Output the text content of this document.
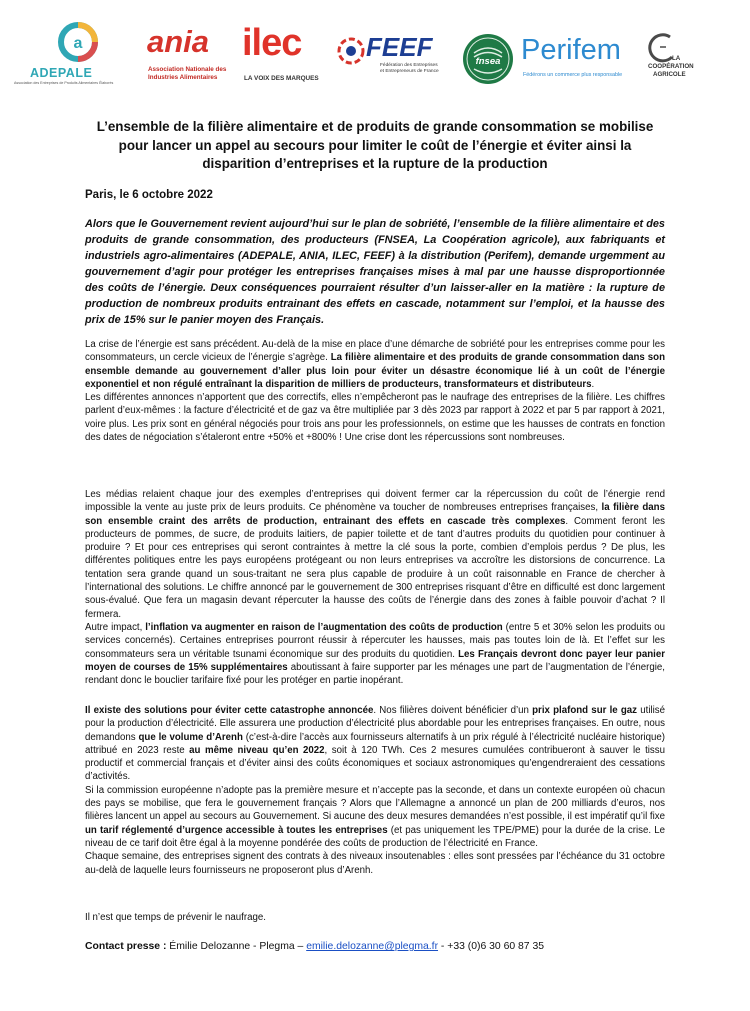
a
ADEPALE
Association des Entreprises de Produits Alimentaires Élaborés
ania
Association Nationale des
Industries Alimentaires
ilec
LA VOIX DES MARQUES
FEEF
Fédération des Entreprises
et Entrepreneurs de France
fnsea Perifem
Fédérons un commerce plus responsable
LA
COOPÉRATION
AGRICOLE
L’ensemble de la filière alimentaire et de produits de grande consommation se mobilise pour lancer un appel au secours pour limiter le coût de l’énergie et éviter ainsi la disparition d’entreprises et la rupture de la production

Paris, le 6 octobre 2022

Alors que le Gouvernement revient aujourd’hui sur le plan de sobriété, l’ensemble de la filière alimentaire et des produits de grande consommation, des producteurs (FNSEA, La Coopération agricole), aux fabriquants et industriels agro-alimentaires (ADEPALE, ANIA, ILEC, FEEF) à la distribution (Perifem), demande urgemment au gouvernement d’agir pour protéger les entreprises françaises mises à mal par une hausse disproportionnée des coûts de l’énergie. Deux conséquences pourraient résulter d’un laisser-aller en la matière : la rupture de production de nombreux produits entrainant des effets en cascade, notamment sur l’emploi, et la hausse des prix de 15% sur le panier moyen des Français.

La crise de l’énergie est sans précédent. Au-delà de la mise en place d’une démarche de sobriété pour les entreprises comme pour les consommateurs, un cercle vicieux de l’énergie s’agrège. La filière alimentaire et des produits de grande consommation dans son ensemble demande au gouvernement d’aller plus loin pour éviter un désastre économique lié à un coût de l’énergie exponentiel et non régulé entraînant la disparition de milliers de producteurs, transformateurs et distributeurs.

Les différentes annonces n’apportent que des correctifs, elles n’empêcheront pas le naufrage des entreprises de la filière. Les chiffres parlent d’eux-mêmes : la facture d’électricité et de gaz va être multipliée par 3 dès 2023 par rapport à 2022 et par 5 par rapport à 2021, voire plus. Les prix sont en général négociés pour trois ans pour les professionnels, on estime que les hausses de contrats en fonction des dates de négociation s’étaleront entre +50% et +800% ! Une crise dont les répercussions sont nombreuses.

Les médias relaient chaque jour des exemples d’entreprises qui doivent fermer car la répercussion du coût de l’énergie rend impossible la vente au juste prix de leurs produits. Ce phénomène va toucher de nombreuses entreprises françaises, la filière dans son ensemble craint des arrêts de production, entrainant des effets en cascade très complexes. Comment feront les producteurs de pommes, de sucre, de produits laitiers, de papier toilette et de tant d’autres produits du quotidien pour continuer à produire ? Et pour ces entreprises qui seront contraintes à mettre la clé sous la porte, combien d’emplois perdus ? De plus, les différentes politiques entre les pays européens protégeant ou non leurs entreprises va accroître les distorsions de concurrence. La tentation sera grande quand un sous-traitant ne sera plus capable de produire à un coût raisonnable en France de chercher à l’international des solutions. Le chiffre annoncé par le gouvernement de 300 entreprises risquant d’être en difficulté est donc largement sous-évalué. Que fera un magasin devant répercuter la hausse des coûts de l’énergie dans des zones à faible pouvoir d’achat ? Il fermera.

Autre impact, l’inflation va augmenter en raison de l’augmentation des coûts de production (entre 5 et 30% selon les produits ou services concernés). Certaines entreprises pourront réussir à répercuter les hausses, mais pas toutes loin de là. Et l’effet sur les consommateurs sera un véritable tsunami économique sur des produits du quotidien. Les Français devront donc payer leur panier moyen de courses de 15% supplémentaires aboutissant à faire supporter par les ménages une part de l’augmentation de l’énergie, rendant donc le bouclier tarifaire fixé pour les protéger en partie inopérant.

Il existe des solutions pour éviter cette catastrophe annoncée. Nos filières doivent bénéficier d’un prix plafond sur le gaz utilisé pour la production d’électricité. Elle assurera une production d’électricité plus abordable pour les entreprises françaises. En outre, nous demandons que le volume d’Arenh (c’est-à-dire l’accès aux fournisseurs alternatifs à un prix régulé à l’électricité nucléaire historique) attribué en 2023 reste au même niveau qu’en 2022, soit à 120 TWh. Ces 2 mesures cumulées contribueront à sauver le tissu productif et commercial français et d’éviter ainsi des coûts économiques et sociaux astronomiques qu’engendreraient des cessations d’activités.

Si la commission européenne n’adopte pas la première mesure et n’accepte pas la seconde, et dans un contexte européen où chacun des pays se mobilise, que fera le gouvernement français ? Alors que l’Allemagne a annoncé un plan de 200 milliards d’euros, nos filières lancent un appel au secours au Gouvernement. Si aucune des deux mesures demandées n’est possible, il est impératif qu’il fixe un tarif réglementé d’urgence accessible à toutes les entreprises (et pas uniquement les TPE/PME) pour la durée de la crise. Le niveau de ce tarif doit être égal à la moyenne pondérée des coûts de production de l’électricité en France.

Chaque semaine, des entreprises signent des contrats à des niveaux insoutenables : elles sont pressées par l’échéance du 31 octobre au-delà de laquelle leurs fournisseurs ne proposeront plus d’Arenh.

Il n’est que temps de prévenir le naufrage.

Contact presse : Émilie Delozanne - Plegma – emilie.delozanne@plegma.fr - +33 (0)6 30 60 87 35
